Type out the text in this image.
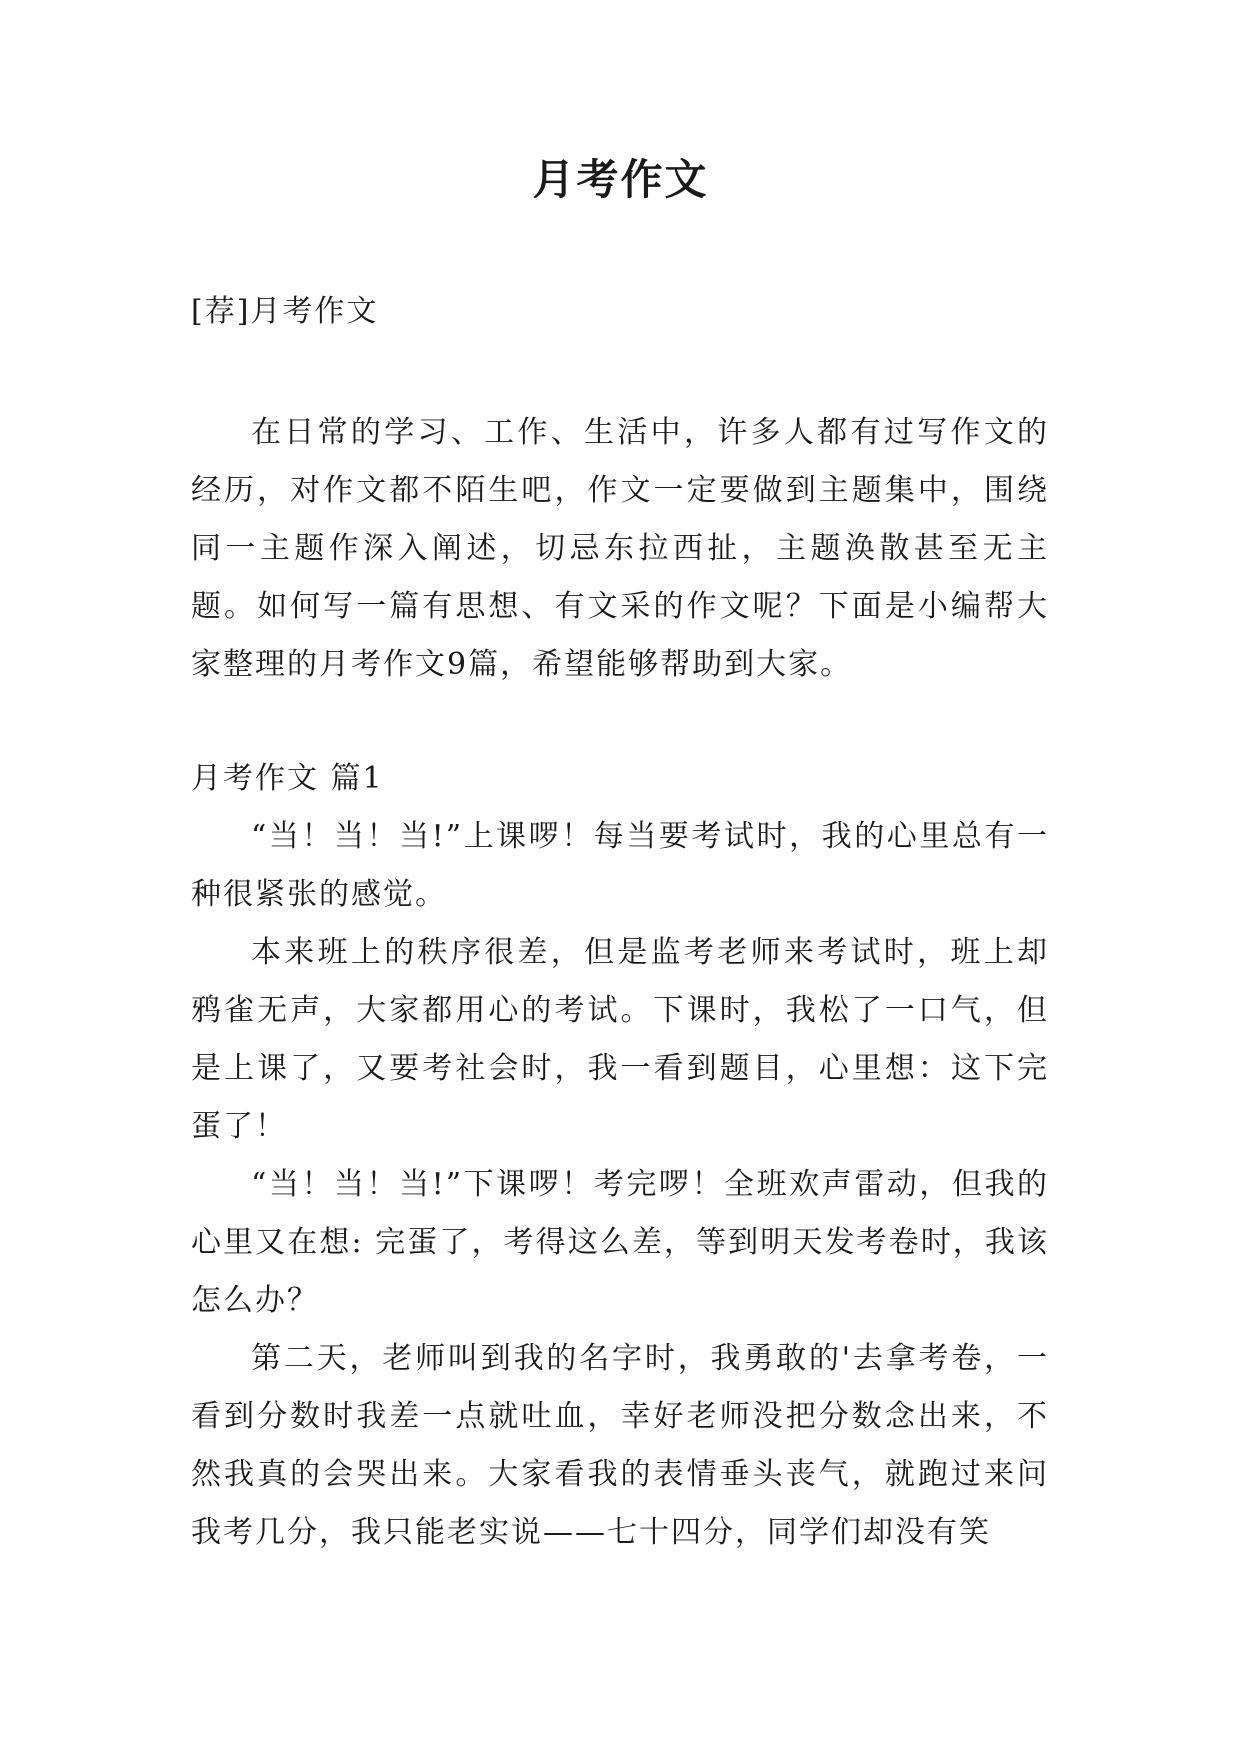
月考作文
[荐]月考作文

在日常的学习、工作、生活中，许多人都有过写作文的经历，对作文都不陌生吧，作文一定要做到主题集中，围绕同一主题作深入阐述，切忌东拉西扯，主题涣散甚至无主题。如何写一篇有思想、有文采的作文呢？下面是小编帮大家整理的月考作文9篇，希望能够帮助到大家。

月考作文 篇1

“当！当！当!”上课啰！每当要考试时，我的心里总有一种很紧张的感觉。

本来班上的秩序很差，但是监考老师来考试时，班上却鸦雀无声，大家都用心的考试。下课时，我松了一口气，但是上课了，又要考社会时，我一看到题目，心里想：这下完蛋了！

“当！当！当!”下课啰！考完啰！全班欢声雷动，但我的心里又在想: 完蛋了，考得这么差，等到明天发考卷时，我该怎么办？

第二天，老师叫到我的名字时，我勇敢的'去拿考卷，一看到分数时我差一点就吐血，幸好老师没把分数念出来，不然我真的会哭出来。大家看我的表情垂头丧气，就跑过来问我考几分，我只能老实说——七十四分，同学们却没有笑
